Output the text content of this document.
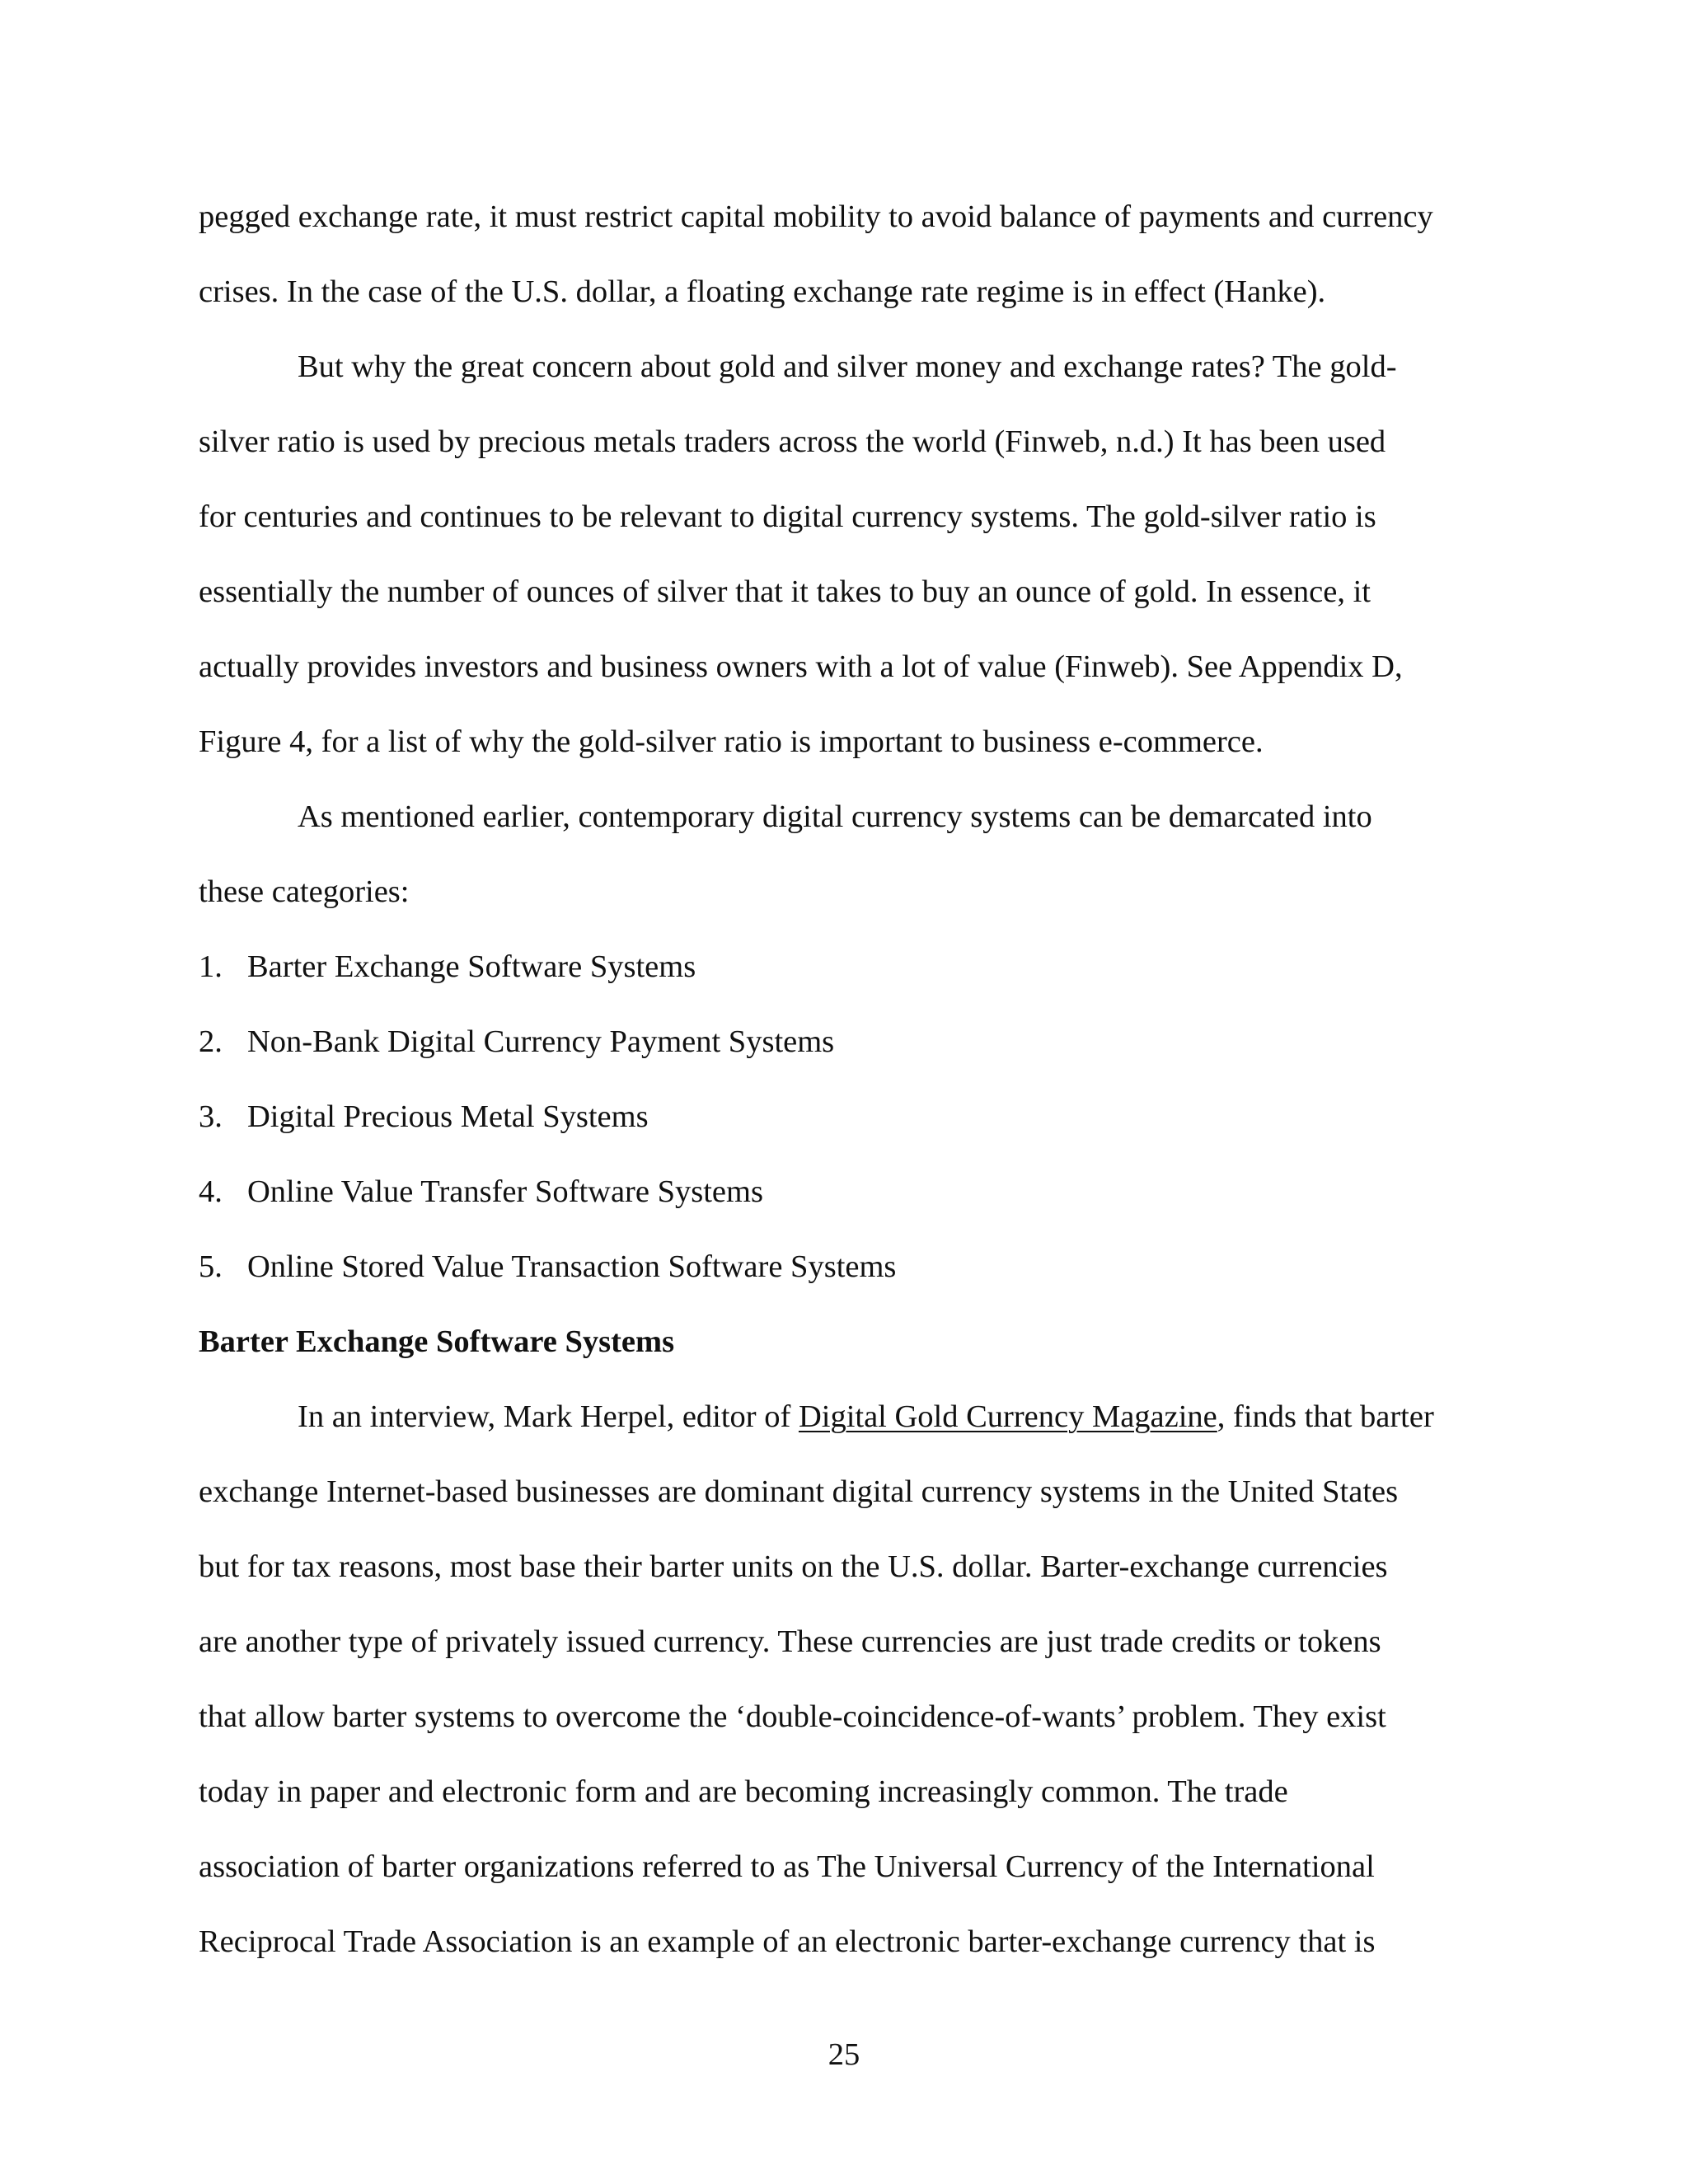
pegged exchange rate, it must restrict capital mobility to avoid balance of payments and currency
crises. In the case of the U.S. dollar, a floating exchange rate regime is in effect (Hanke).
But why the great concern about gold and silver money and exchange rates? The gold-
silver ratio is used by precious metals traders across the world (Finweb, n.d.) It has been used
for centuries and continues to be relevant to digital currency systems. The gold-silver ratio is
essentially the number of ounces of silver that it takes to buy an ounce of gold. In essence, it
actually provides investors and business owners with a lot of value (Finweb). See Appendix D,
Figure 4, for a list of why the gold-silver ratio is important to business e-commerce.
As mentioned earlier, contemporary digital currency systems can be demarcated into
these categories:
1. Barter Exchange Software Systems
2. Non-Bank Digital Currency Payment Systems
3. Digital Precious Metal Systems
4. Online Value Transfer Software Systems
5. Online Stored Value Transaction Software Systems
Barter Exchange Software Systems
In an interview, Mark Herpel, editor of Digital Gold Currency Magazine, finds that barter
exchange Internet-based businesses are dominant digital currency systems in the United States
but for tax reasons, most base their barter units on the U.S. dollar. Barter-exchange currencies
are another type of privately issued currency. These currencies are just trade credits or tokens
that allow barter systems to overcome the ‘double-coincidence-of-wants’ problem. They exist
today in paper and electronic form and are becoming increasingly common. The trade
association of barter organizations referred to as The Universal Currency of the International
Reciprocal Trade Association is an example of an electronic barter-exchange currency that is
25
